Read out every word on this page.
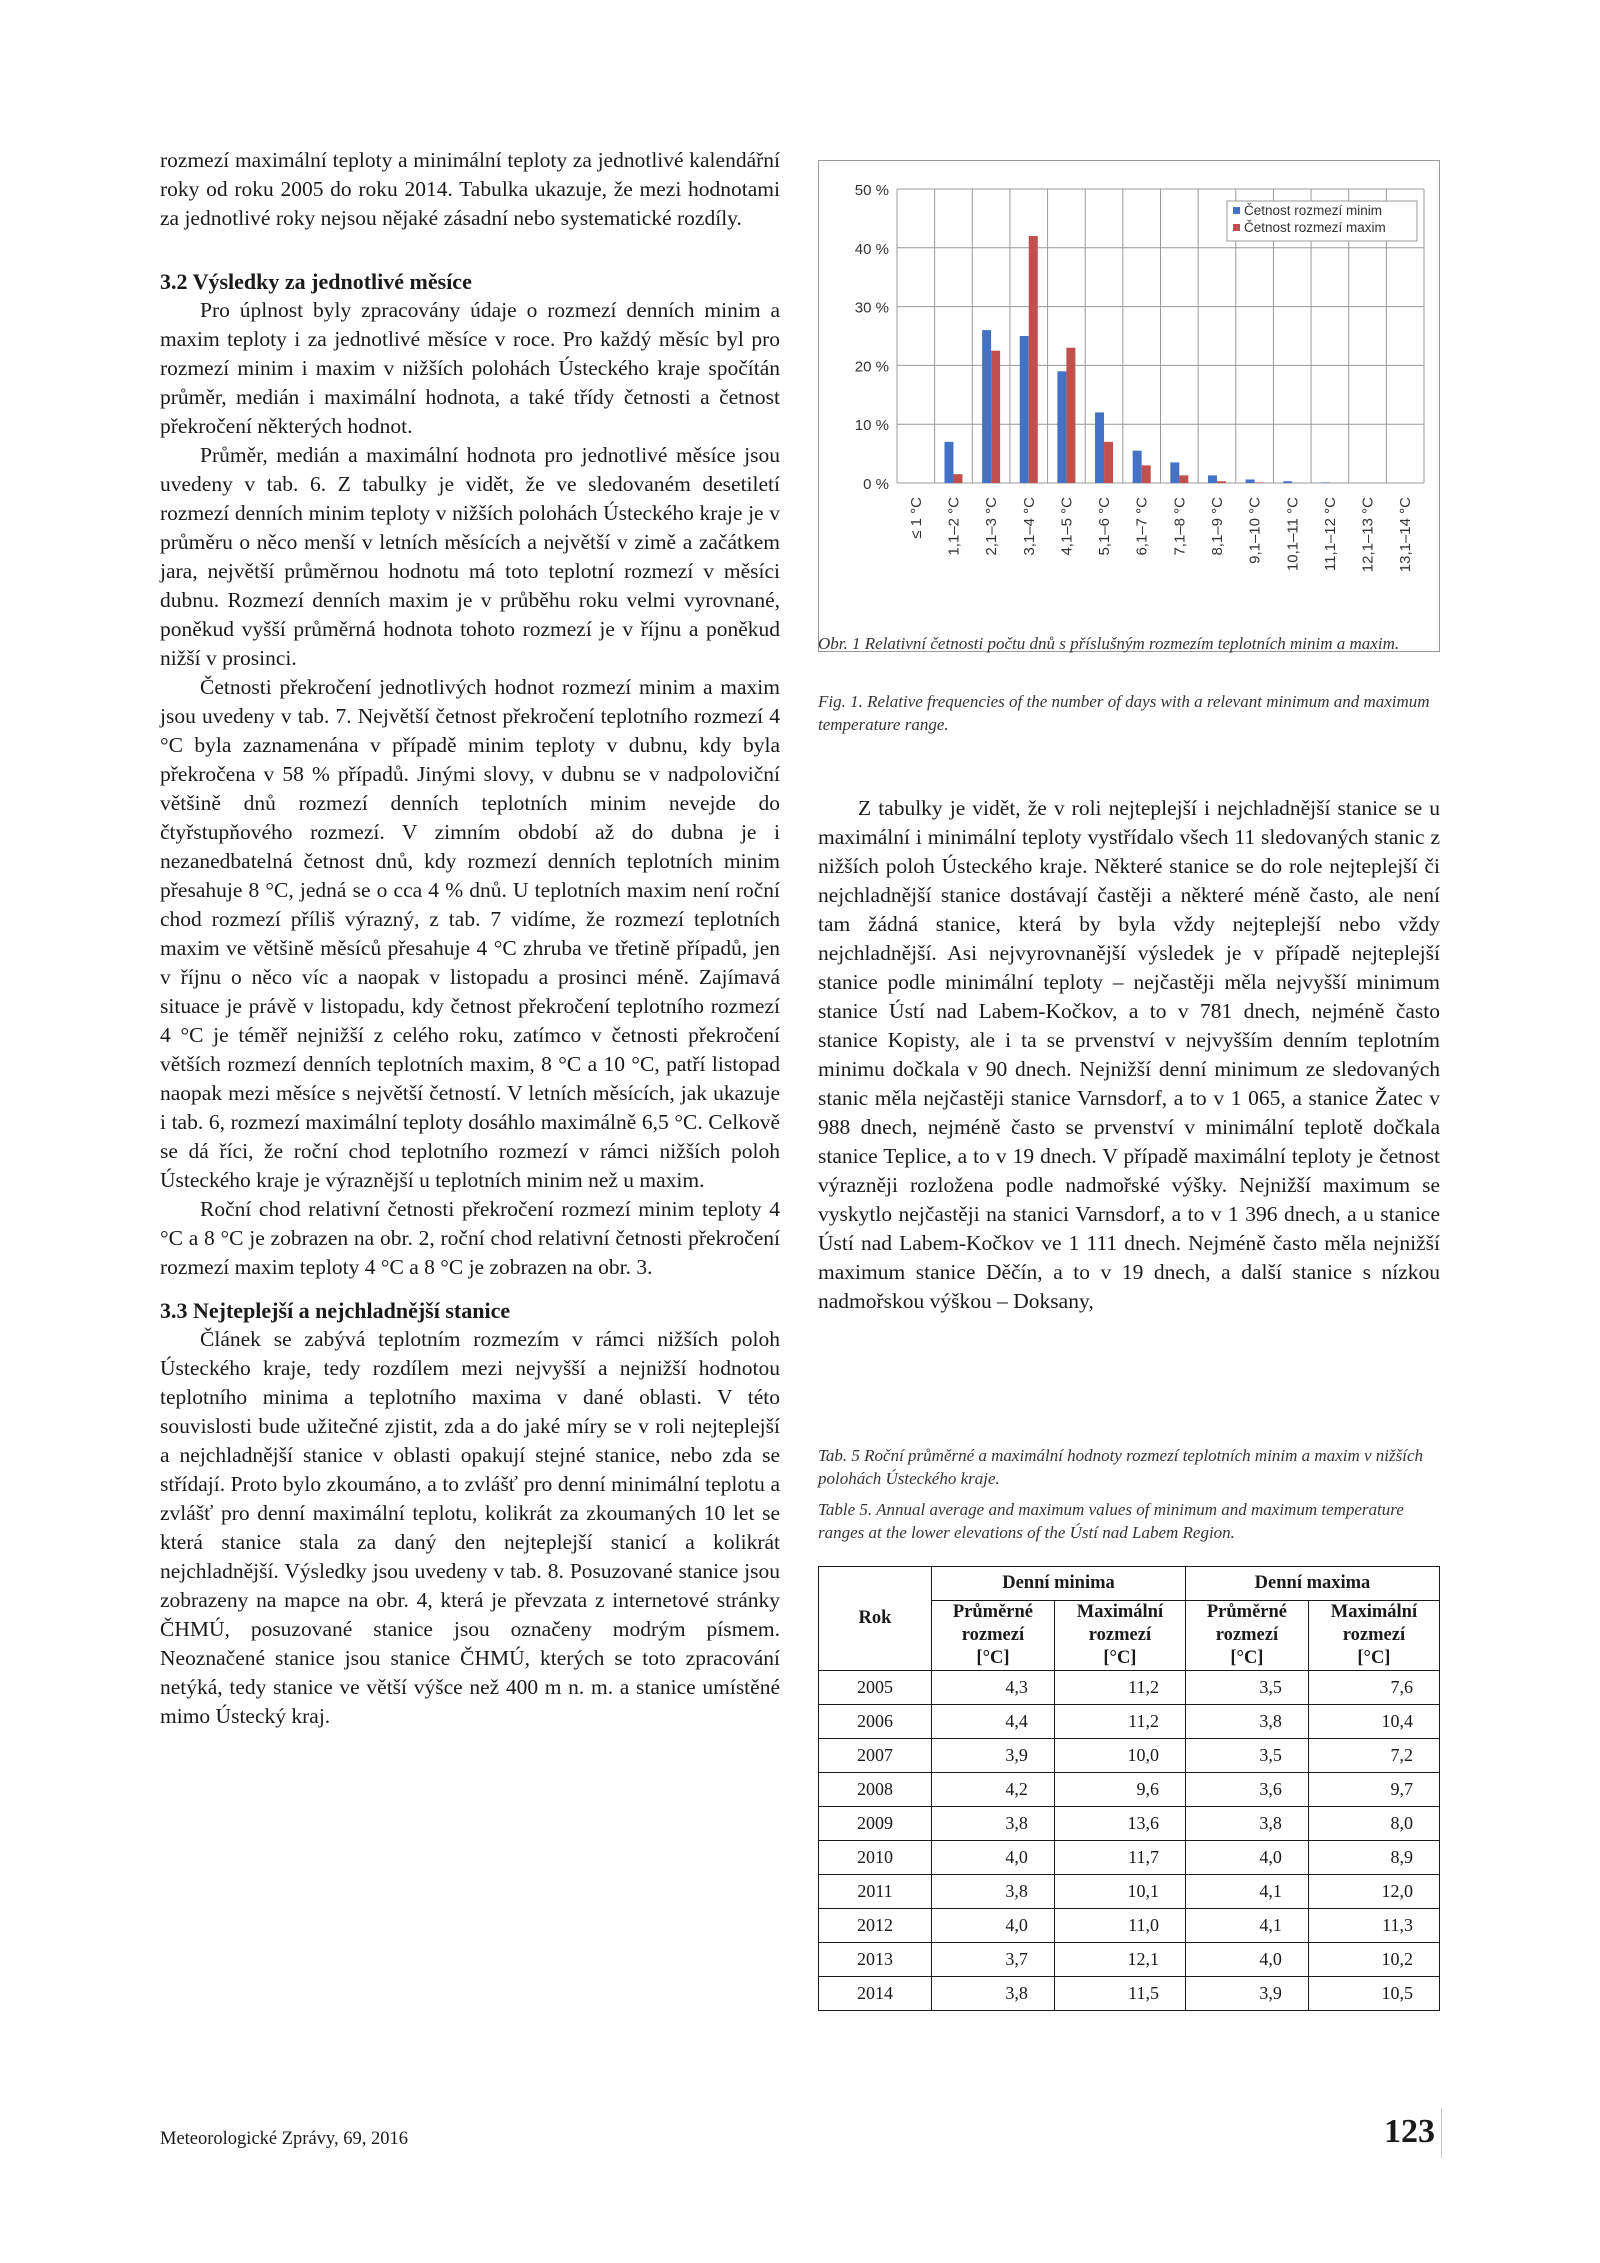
rozmezí maximální teploty a minimální teploty za jednotlivé kalendářní roky od roku 2005 do roku 2014. Tabulka ukazuje, že mezi hodnotami za jednotlivé roky nejsou nějaké zásadní nebo systematické rozdíly.

3.2 Výsledky za jednotlivé měsíce

Pro úplnost byly zpracovány údaje o rozmezí denních minim a maxim teploty i za jednotlivé měsíce v roce. Pro každý měsíc byl pro rozmezí minim i maxim v nižších polohách Ústeckého kraje spočítán průměr, medián i maximální hodnota, a také třídy četnosti a četnost překročení některých hodnot.

Průměr, medián a maximální hodnota pro jednotlivé měsíce jsou uvedeny v tab. 6. Z tabulky je vidět, že ve sledovaném desetiletí rozmezí denních minim teploty v nižších polohách Ústeckého kraje je v průměru o něco menší v letních měsících a největší v zimě a začátkem jara, největší průměrnou hodnotu má toto teplotní rozmezí v měsíci dubnu. Rozmezí denních maxim je v průběhu roku velmi vyrovnané, poněkud vyšší průměrná hodnota tohoto rozmezí je v říjnu a poněkud nižší v prosinci.

Četnosti překročení jednotlivých hodnot rozmezí minim a maxim jsou uvedeny v tab. 7. Největší četnost překročení teplotního rozmezí 4 °C byla zaznamenána v případě minim teploty v dubnu, kdy byla překročena v 58 % případů. Jinými slovy, v dubnu se v nadpoloviční většině dnů rozmezí denních teplotních minim nevejde do čtyřstupňového rozmezí. V zimním období až do dubna je i nezanedbatelná četnost dnů, kdy rozmezí denních teplotních minim přesahuje 8 °C, jedná se o cca 4 % dnů. U teplotních maxim není roční chod rozmezí příliš výrazný, z tab. 7 vidíme, že rozmezí teplotních maxim ve většině měsíců přesahuje 4 °C zhruba ve třetině případů, jen v říjnu o něco víc a naopak v listopadu a prosinci méně. Zajímavá situace je právě v listopadu, kdy četnost překročení teplotního rozmezí 4 °C je téměř nejnižší z celého roku, zatímco v četnosti překročení větších rozmezí denních teplotních maxim, 8 °C a 10 °C, patří listopad naopak mezi měsíce s největší četností. V letních měsících, jak ukazuje i tab. 6, rozmezí maximální teploty dosáhlo maximálně 6,5 °C. Celkově se dá říci, že roční chod teplotního rozmezí v rámci nižších poloh Ústeckého kraje je výraznější u teplotních minim než u maxim.

Roční chod relativní četnosti překročení rozmezí minim teploty 4 °C a 8 °C je zobrazen na obr. 2, roční chod relativní četnosti překročení rozmezí maxim teploty 4 °C a 8 °C je zobrazen na obr. 3.

3.3 Nejteplejší a nejchladnější stanice

Článek se zabývá teplotním rozmezím v rámci nižších poloh Ústeckého kraje, tedy rozdílem mezi nejvyšší a nejnižší hodnotou teplotního minima a teplotního maxima v dané oblasti. V této souvislosti bude užitečné zjistit, zda a do jaké míry se v roli nejteplejší a nejchladnější stanice v oblasti opakují stejné stanice, nebo zda se střídají. Proto bylo zkoumáno, a to zvlášť pro denní minimální teplotu a zvlášť pro denní maximální teplotu, kolikrát za zkoumaných 10 let se která stanice stala za daný den nejteplejší stanicí a kolikrát nejchladnější. Výsledky jsou uvedeny v tab. 8. Posuzované stanice jsou zobrazeny na mapce na obr. 4, která je převzata z internetové stránky ČHMÚ, posuzované stanice jsou označeny modrým písmem. Neoznačené stanice jsou stanice ČHMÚ, kterých se toto zpracování netýká, tedy stanice ve větší výšce než 400 m n. m. a stanice umístěné mimo Ústecký kraj.

0 %
10 %
20 %
30 %
40 %
50 %
≤ 1 °C 1,1–2 °C 2,1–3 °C 3,1–4 °C 4,1–5 °C 5,1–6 °C 6,1–7 °C 7,1–8 °C 8,1–9 °C 9,1–10 °C 10,1–11 °C 11,1–12 °C 12,1–13 °C 13,1–14 °C
Četnost rozmezí minim
Četnost rozmezí maxim
Obr. 1 Relativní četnosti počtu dnů s příslušným rozmezím teplotních minim a maxim.
Fig. 1. Relative frequencies of the number of days with a relevant minimum and maximum temperature range.

Z tabulky je vidět, že v roli nejteplejší i nejchladnější stanice se u maximální i minimální teploty vystřídalo všech 11 sledovaných stanic z nižších poloh Ústeckého kraje. Některé stanice se do role nejteplejší či nejchladnější stanice dostávají častěji a některé méně často, ale není tam žádná stanice, která by byla vždy nejteplejší nebo vždy nejchladnější. Asi nejvyrovnanější výsledek je v případě nejteplejší stanice podle minimální teploty – nejčastěji měla nejvyšší minimum stanice Ústí nad Labem-Kočkov, a to v 781 dnech, nejméně často stanice Kopisty, ale i ta se prvenství v nejvyšším denním teplotním minimu dočkala v 90 dnech. Nejnižší denní minimum ze sledovaných stanic měla nejčastěji stanice Varnsdorf, a to v 1 065, a stanice Žatec v 988 dnech, nejméně často se prvenství v minimální teplotě dočkala stanice Teplice, a to v 19 dnech. V případě maximální teploty je četnost výrazněji rozložena podle nadmořské výšky. Nejnižší maximum se vyskytlo nejčastěji na stanici Varnsdorf, a to v 1 396 dnech, a u stanice Ústí nad Labem-Kočkov ve 1 111 dnech. Nejméně často měla nejnižší maximum stanice Děčín, a to v 19 dnech, a další stanice s nízkou nadmořskou výškou – Doksany,

Tab. 5 Roční průměrné a maximální hodnoty rozmezí teplotních minim a maxim v nižších polohách Ústeckého kraje.
Table 5. Annual average and maximum values of minimum and maximum temperature ranges at the lower elevations of the Ústí nad Labem Region.
Rok	Denní minima		Denní maxima	
	Průměrné
rozmezí
[°C]	Maximální
rozmezí
[°C]	Průměrné
rozmezí
[°C]	Maximální
rozmezí
[°C]
2005	4,3	11,2	3,5	7,6
2006	4,4	11,2	3,8	10,4
2007	3,9	10,0	3,5	7,2
2008	4,2	9,6	3,6	9,7
2009	3,8	13,6	3,8	8,0
2010	4,0	11,7	4,0	8,9
2011	3,8	10,1	4,1	12,0
2012	4,0	11,0	4,1	11,3
2013	3,7	12,1	4,0	10,2
2014	3,8	11,5	3,9	10,5
Meteorologické Zprávy, 69, 2016	123
